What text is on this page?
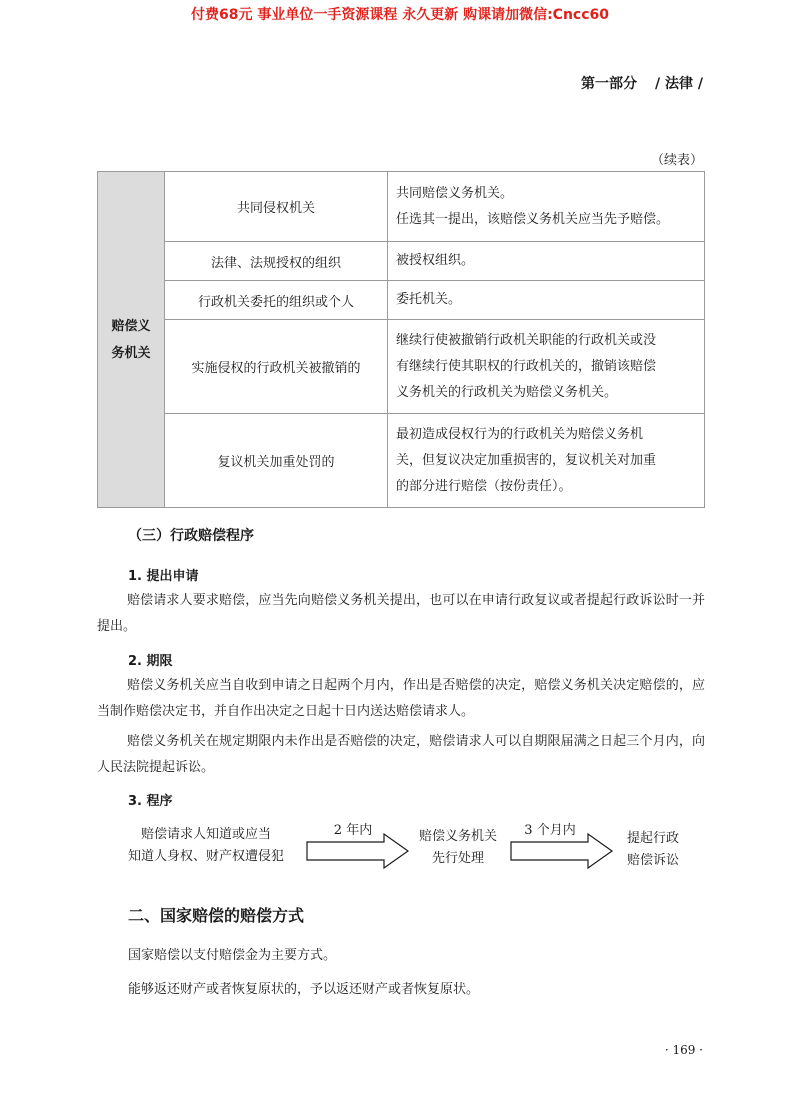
付费68元 事业单位一手资源课程 永久更新 购课请加微信:Cncc60
第一部分 / 法律 /
（续表）
赔偿义
务机关	共同侵权机关	共同赔偿义务机关。
任选其一提出，该赔偿义务机关应当先予赔偿。

	法律、法规授权的组织	被授权组织。

	行政机关委托的组织或个人	委托机关。

	实施侵权的行政机关被撤销的	继续行使被撤销行政机关职能的行政机关或没
有继续行使其职权的行政机关的，撤销该赔偿
义务机关的行政机关为赔偿义务机关。

	复议机关加重处罚的	最初造成侵权行为的行政机关为赔偿义务机
关，但复议决定加重损害的，复议机关对加重
的部分进行赔偿（按份责任）。
（三）行政赔偿程序
1. 提出申请
赔偿请求人要求赔偿，应当先向赔偿义务机关提出，也可以在申请行政复议或者提起行政诉讼时一并提出。
2. 期限
赔偿义务机关应当自收到申请之日起两个月内，作出是否赔偿的决定，赔偿义务机关决定赔偿的，应当制作赔偿决定书，并自作出决定之日起十日内送达赔偿请求人。
赔偿义务机关在规定期限内未作出是否赔偿的决定，赔偿请求人可以自期限届满之日起三个月内，向人民法院提起诉讼。
3. 程序
赔偿请求人知道或应当
知道人身权、财产权遭侵犯
2 年内	赔偿义务机关
先行处理
3 个月内
提起行政
赔偿诉讼
二、国家赔偿的赔偿方式
国家赔偿以支付赔偿金为主要方式。
能够返还财产或者恢复原状的，予以返还财产或者恢复原状。
· 169 ·
